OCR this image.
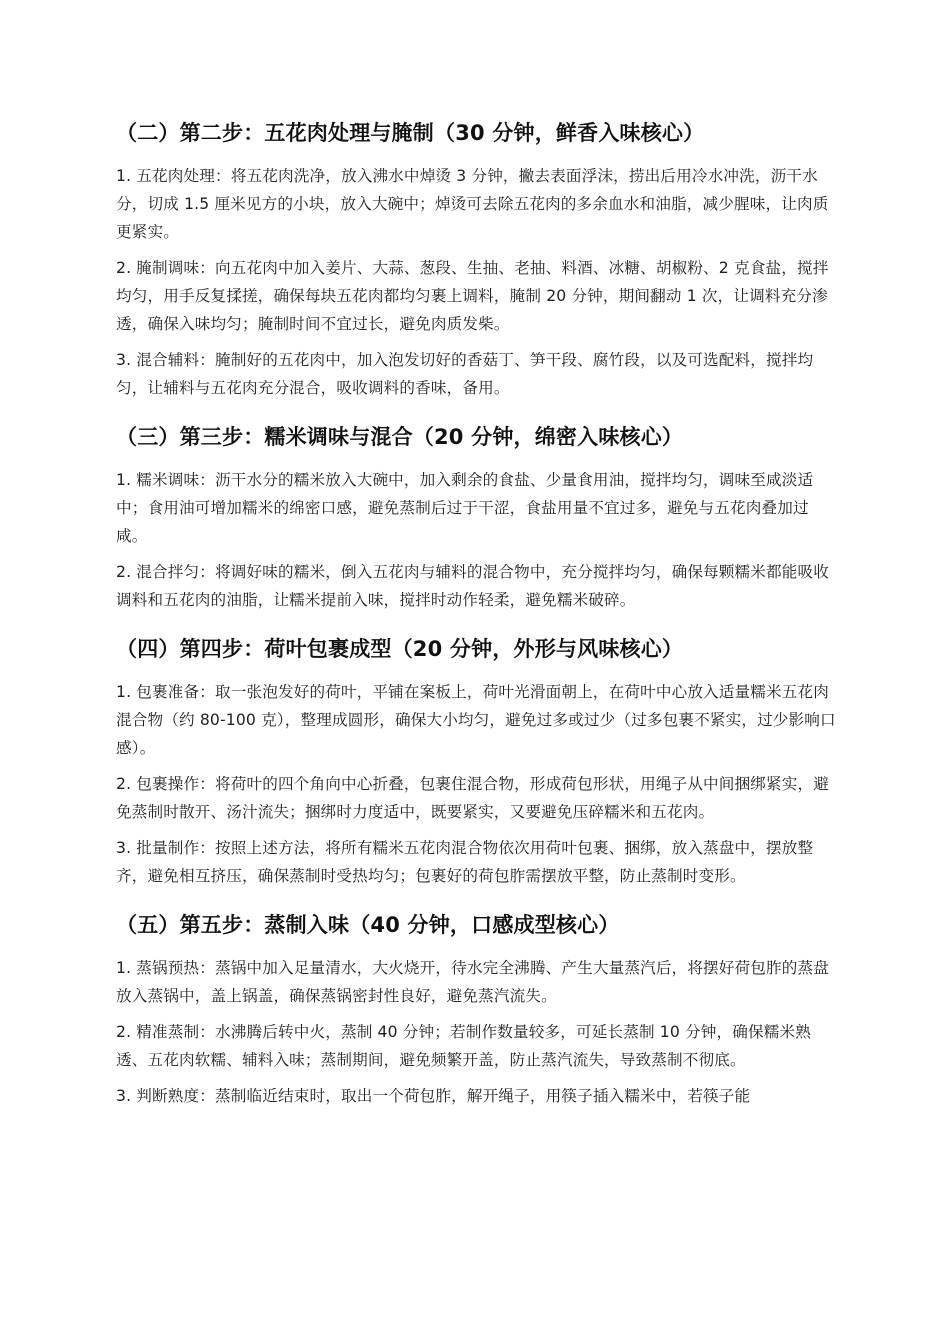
（二）第二步：五花肉处理与腌制（30 分钟，鲜香入味核心）

1. 五花肉处理：将五花肉洗净，放入沸水中焯烫 3 分钟，撇去表面浮沫，捞出后用冷水冲洗，沥干水分，切成 1.5 厘米见方的小块，放入大碗中；焯烫可去除五花肉的多余血水和油脂，减少腥味，让肉质更紧实。

2. 腌制调味：向五花肉中加入姜片、大蒜、葱段、生抽、老抽、料酒、冰糖、胡椒粉、2 克食盐，搅拌均匀，用手反复揉搓，确保每块五花肉都均匀裹上调料，腌制 20 分钟，期间翻动 1 次，让调料充分渗透，确保入味均匀；腌制时间不宜过长，避免肉质发柴。

3. 混合辅料：腌制好的五花肉中，加入泡发切好的香菇丁、笋干段、腐竹段，以及可选配料，搅拌均匀，让辅料与五花肉充分混合，吸收调料的香味，备用。

（三）第三步：糯米调味与混合（20 分钟，绵密入味核心）

1. 糯米调味：沥干水分的糯米放入大碗中，加入剩余的食盐、少量食用油，搅拌均匀，调味至咸淡适中；食用油可增加糯米的绵密口感，避免蒸制后过于干涩，食盐用量不宜过多，避免与五花肉叠加过咸。

2. 混合拌匀：将调好味的糯米，倒入五花肉与辅料的混合物中，充分搅拌均匀，确保每颗糯米都能吸收调料和五花肉的油脂，让糯米提前入味，搅拌时动作轻柔，避免糯米破碎。

（四）第四步：荷叶包裹成型（20 分钟，外形与风味核心）

1. 包裹准备：取一张泡发好的荷叶，平铺在案板上，荷叶光滑面朝上，在荷叶中心放入适量糯米五花肉混合物（约 80-100 克），整理成圆形，确保大小均匀，避免过多或过少（过多包裹不紧实，过少影响口感）。

2. 包裹操作：将荷叶的四个角向中心折叠，包裹住混合物，形成荷包形状，用绳子从中间捆绑紧实，避免蒸制时散开、汤汁流失；捆绑时力度适中，既要紧实，又要避免压碎糯米和五花肉。

3. 批量制作：按照上述方法，将所有糯米五花肉混合物依次用荷叶包裹、捆绑，放入蒸盘中，摆放整齐，避免相互挤压，确保蒸制时受热均匀；包裹好的荷包胙需摆放平整，防止蒸制时变形。

（五）第五步：蒸制入味（40 分钟，口感成型核心）

1. 蒸锅预热：蒸锅中加入足量清水，大火烧开，待水完全沸腾、产生大量蒸汽后，将摆好荷包胙的蒸盘放入蒸锅中，盖上锅盖，确保蒸锅密封性良好，避免蒸汽流失。

2. 精准蒸制：水沸腾后转中火，蒸制 40 分钟；若制作数量较多，可延长蒸制 10 分钟，确保糯米熟透、五花肉软糯、辅料入味；蒸制期间，避免频繁开盖，防止蒸汽流失，导致蒸制不彻底。

3. 判断熟度：蒸制临近结束时，取出一个荷包胙，解开绳子，用筷子插入糯米中，若筷子能
